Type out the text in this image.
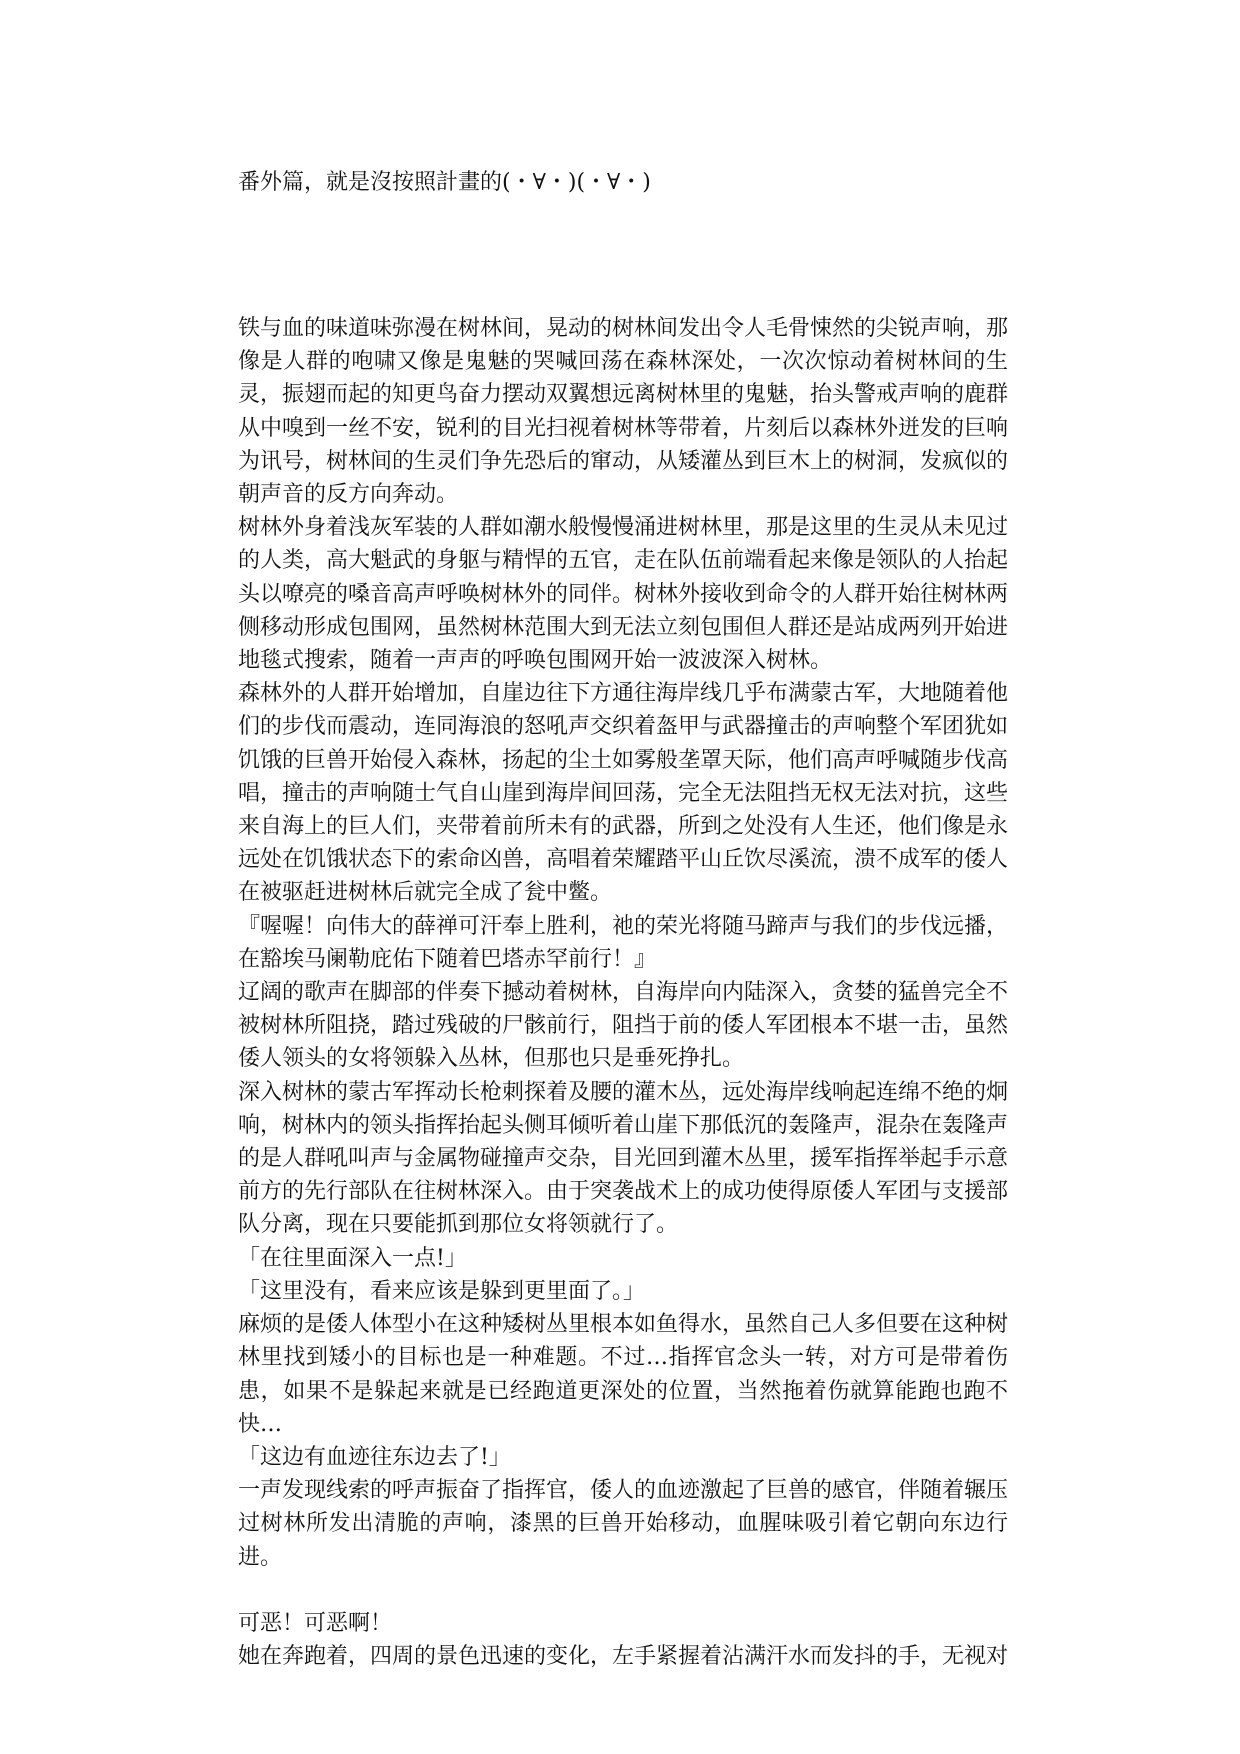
番外篇，就是沒按照計畫的(・∀・)(・∀・)

铁与血的味道味弥漫在树林间，晃动的树林间发出令人毛骨悚然的尖锐声响，那像是人群的咆啸又像是鬼魅的哭喊回荡在森林深处，一次次惊动着树林间的生灵，振翅而起的知更鸟奋力摆动双翼想远离树林里的鬼魅，抬头警戒声响的鹿群从中嗅到一丝不安，锐利的目光扫视着树林等带着，片刻后以森林外迸发的巨响为讯号，树林间的生灵们争先恐后的窜动，从矮灌丛到巨木上的树洞，发疯似的朝声音的反方向奔动。

树林外身着浅灰军装的人群如潮水般慢慢涌进树林里，那是这里的生灵从未见过的人类，高大魁武的身躯与精悍的五官，走在队伍前端看起来像是领队的人抬起头以嘹亮的嗓音高声呼唤树林外的同伴。树林外接收到命令的人群开始往树林两侧移动形成包围网，虽然树林范围大到无法立刻包围但人群还是站成两列开始进地毯式搜索，随着一声声的呼唤包围网开始一波波深入树林。

森林外的人群开始增加，自崖边往下方通往海岸线几乎布满蒙古军，大地随着他们的步伐而震动，连同海浪的怒吼声交织着盔甲与武器撞击的声响整个军团犹如饥饿的巨兽开始侵入森林，扬起的尘土如雾般垄罩天际，他们高声呼喊随步伐高唱，撞击的声响随士气自山崖到海岸间回荡，完全无法阻挡无权无法对抗，这些来自海上的巨人们，夹带着前所未有的武器，所到之处没有人生还，他们像是永远处在饥饿状态下的索命凶兽，高唱着荣耀踏平山丘饮尽溪流，溃不成军的倭人在被驱赶进树林后就完全成了瓮中鳖。

『喔喔！向伟大的薛禅可汗奉上胜利，祂的荣光将随马蹄声与我们的步伐远播，在豁埃马阑勒庇佑下随着巴塔赤罕前行！』

辽阔的歌声在脚部的伴奏下撼动着树林，自海岸向内陆深入，贪婪的猛兽完全不被树林所阻挠，踏过残破的尸骸前行，阻挡于前的倭人军团根本不堪一击，虽然倭人领头的女将领躲入丛林，但那也只是垂死挣扎。

深入树林的蒙古军挥动长枪刺探着及腰的灌木丛，远处海岸线响起连绵不绝的炯响，树林内的领头指挥抬起头侧耳倾听着山崖下那低沉的轰隆声，混杂在轰隆声的是人群吼叫声与金属物碰撞声交杂，目光回到灌木丛里，援军指挥举起手示意前方的先行部队在往树林深入。由于突袭战术上的成功使得原倭人军团与支援部队分离，现在只要能抓到那位女将领就行了。

「在往里面深入一点!」

「这里没有，看来应该是躲到更里面了。」

麻烦的是倭人体型小在这种矮树丛里根本如鱼得水，虽然自己人多但要在这种树林里找到矮小的目标也是一种难题。不过…指挥官念头一转，对方可是带着伤患，如果不是躲起来就是已经跑道更深处的位置，当然拖着伤就算能跑也跑不快…

「这边有血迹往东边去了!」

一声发现线索的呼声振奋了指挥官，倭人的血迹激起了巨兽的感官，伴随着辗压过树林所发出清脆的声响，漆黑的巨兽开始移动，血腥味吸引着它朝向东边行进。

可恶！可恶啊！

她在奔跑着，四周的景色迅速的变化，左手紧握着沾满汗水而发抖的手，无视对
